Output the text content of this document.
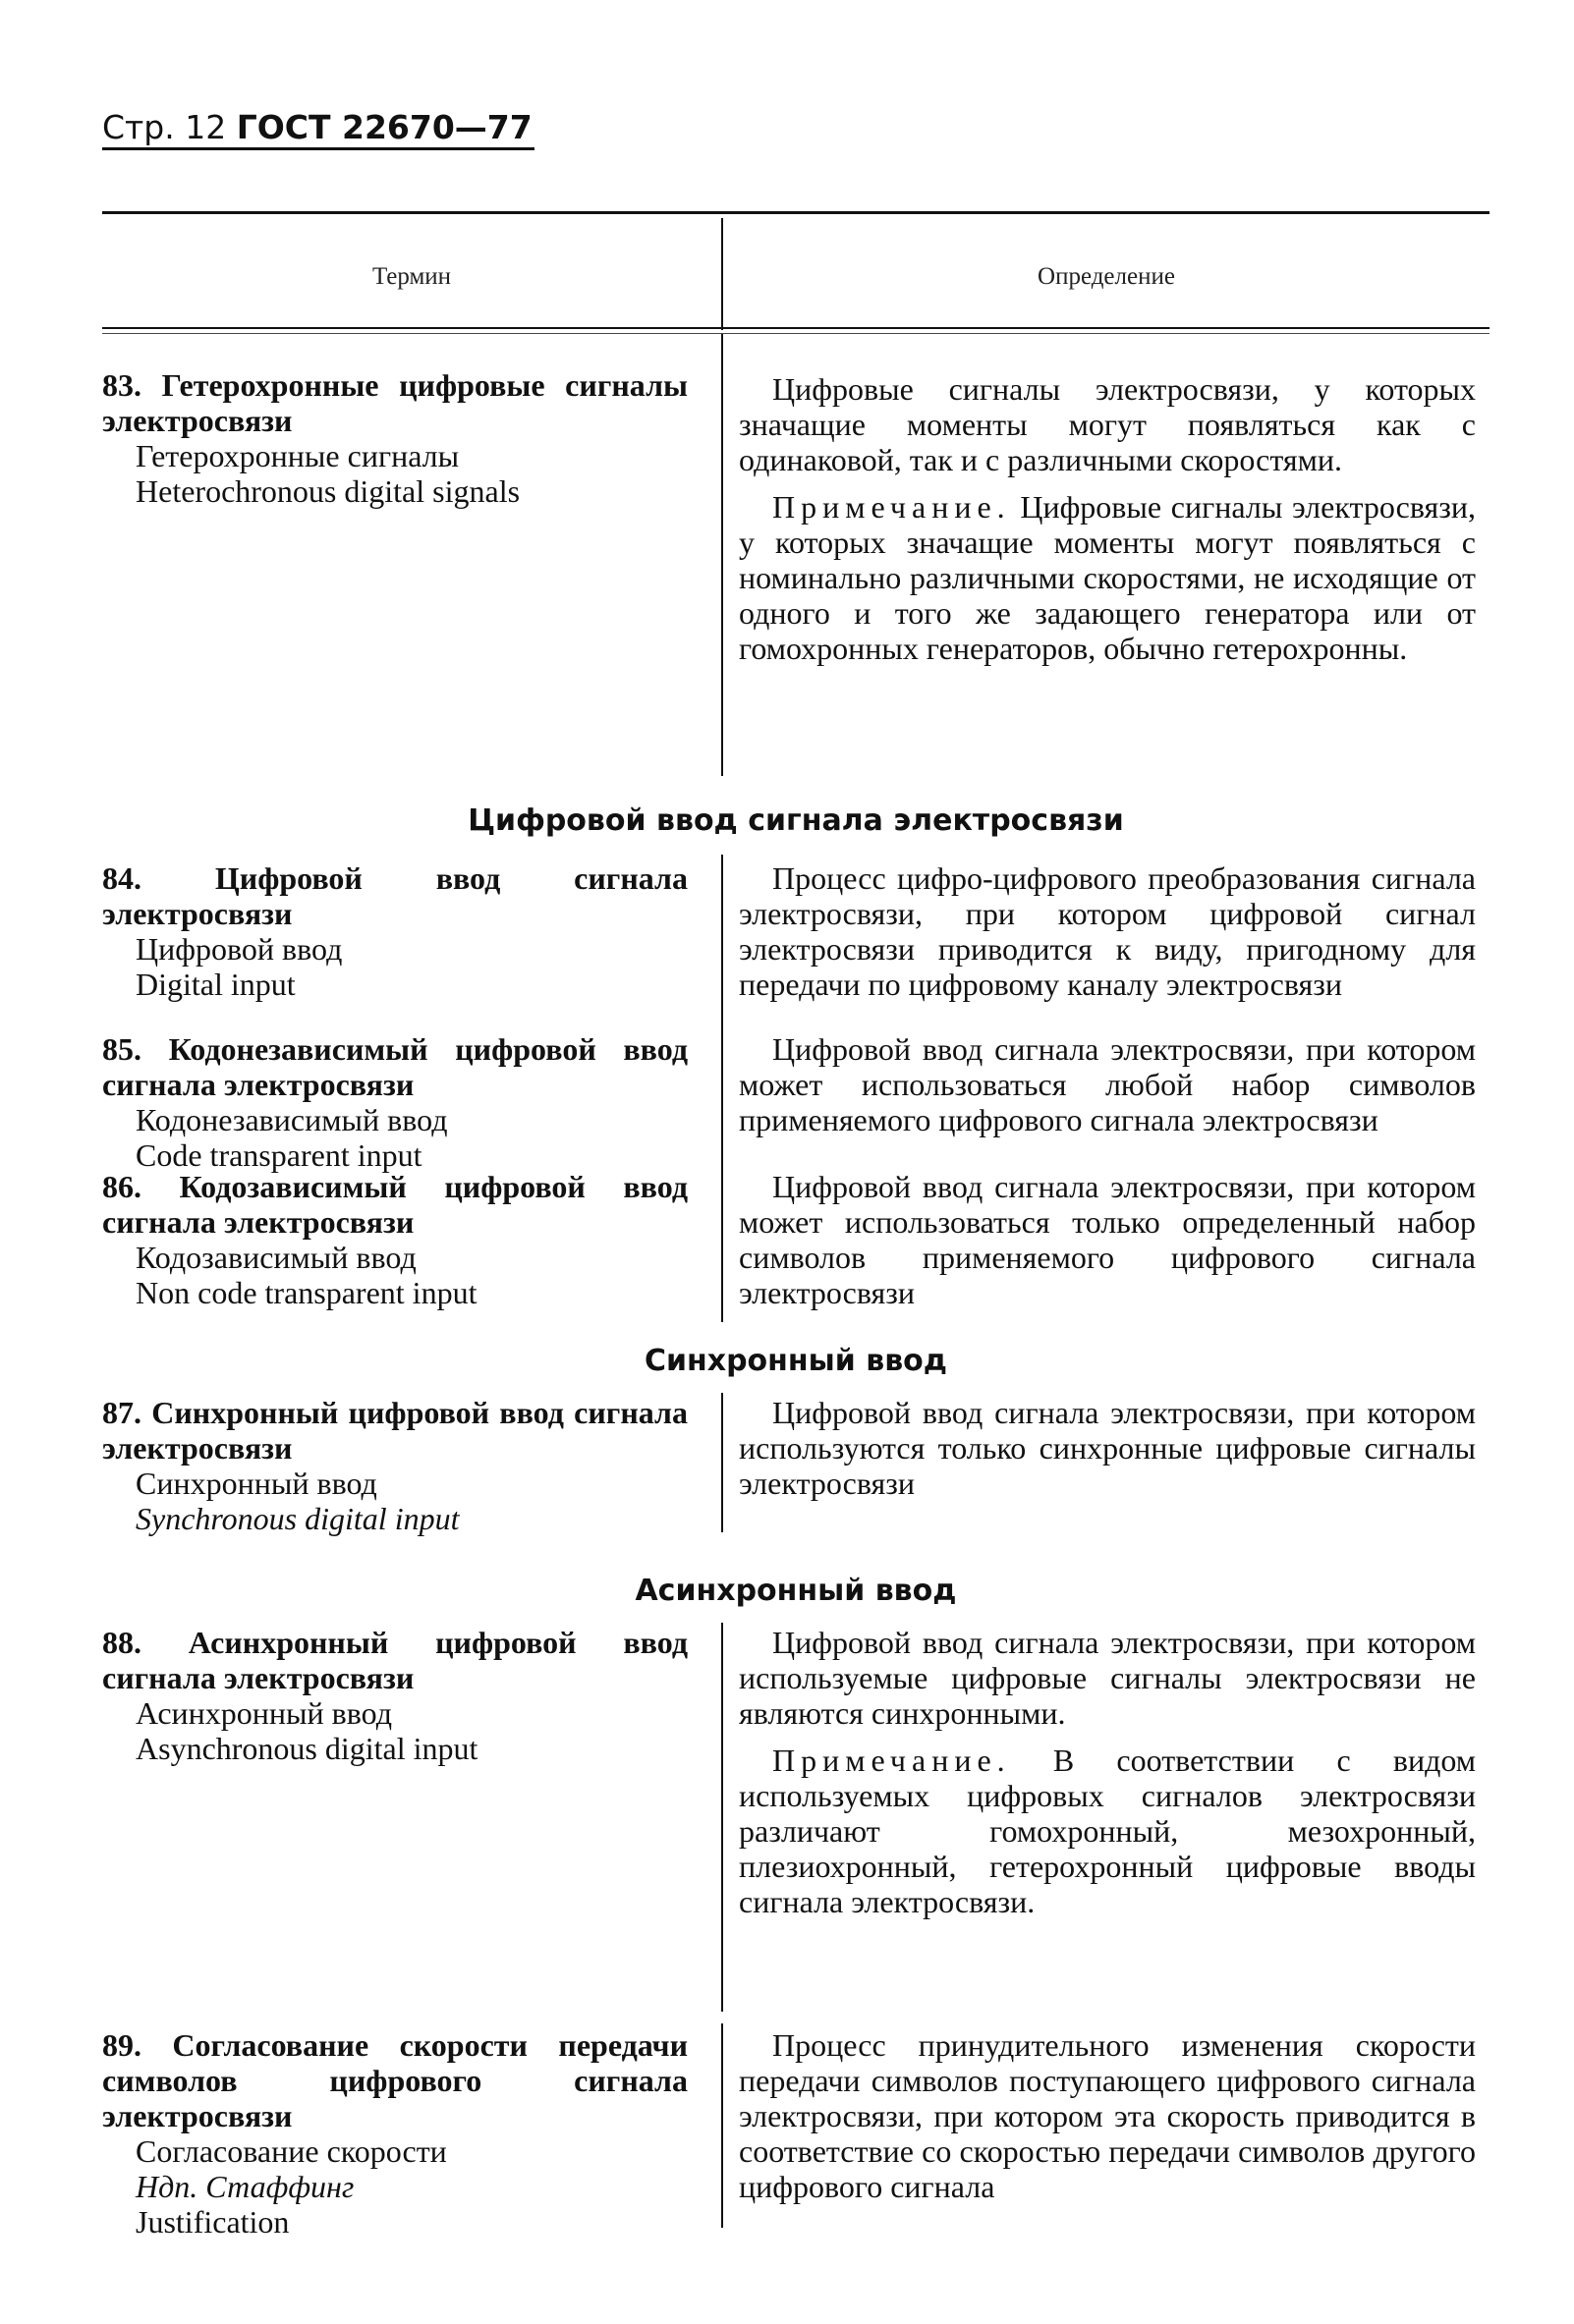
Стр. 12 ГОСТ 22670—77
Термин	Определение

83. Гетерохронные цифровые сигналы электросвязи

Гетерохронные сигналы

Heterochronous digital signals

Цифровые сигналы электросвязи, у которых значащие моменты могут появляться как с одинаковой, так и с различными скоростями.

Примечание. Цифровые сигналы электросвязи, у которых значащие моменты могут появляться с номинально различными скоростями, не исходящие от одного и того же задающего генератора или от гомохронных генераторов, обычно гетерохронны.

Цифровой ввод сигнала электросвязи

84. Цифровой ввод сигнала электросвязи

Цифровой ввод

Digital input

Процесс цифро-цифрового преобразования сигнала электросвязи, при котором цифровой сигнал электросвязи приводится к виду, пригодному для передачи по цифровому каналу электросвязи

85. Кодонезависимый цифровой ввод сигнала электросвязи

Кодонезависимый ввод

Code transparent input

Цифровой ввод сигнала электросвязи, при котором может использоваться любой набор символов применяемого цифрового сигнала электросвязи

86. Кодозависимый цифровой ввод сигнала электросвязи

Кодозависимый ввод

Non code transparent input

Цифровой ввод сигнала электросвязи, при котором может использоваться только определенный набор символов применяемого цифрового сигнала электросвязи

Синхронный ввод

87. Синхронный цифровой ввод сигнала электросвязи

Синхронный ввод

Synchronous digital input

Цифровой ввод сигнала электросвязи, при котором используются только синхронные цифровые сигналы электросвязи

Асинхронный ввод

88. Асинхронный цифровой ввод сигнала электросвязи

Асинхронный ввод

Asynchronous digital input

Цифровой ввод сигнала электросвязи, при котором используемые цифровые сигналы электросвязи не являются синхронными.

Примечание. В соответствии с видом используемых цифровых сигналов электросвязи различают гомохронный, мезохронный, плезиохронный, гетерохронный цифровые вводы сигнала электросвязи.

89. Согласование скорости передачи символов цифрового сигнала электросвязи

Согласование скорости

Ндп. Стаффинг

Justification

Процесс принудительного изменения скорости передачи символов поступающего цифрового сигнала электросвязи, при котором эта скорость приводится в соответствие со скоростью передачи символов другого цифрового сигнала
